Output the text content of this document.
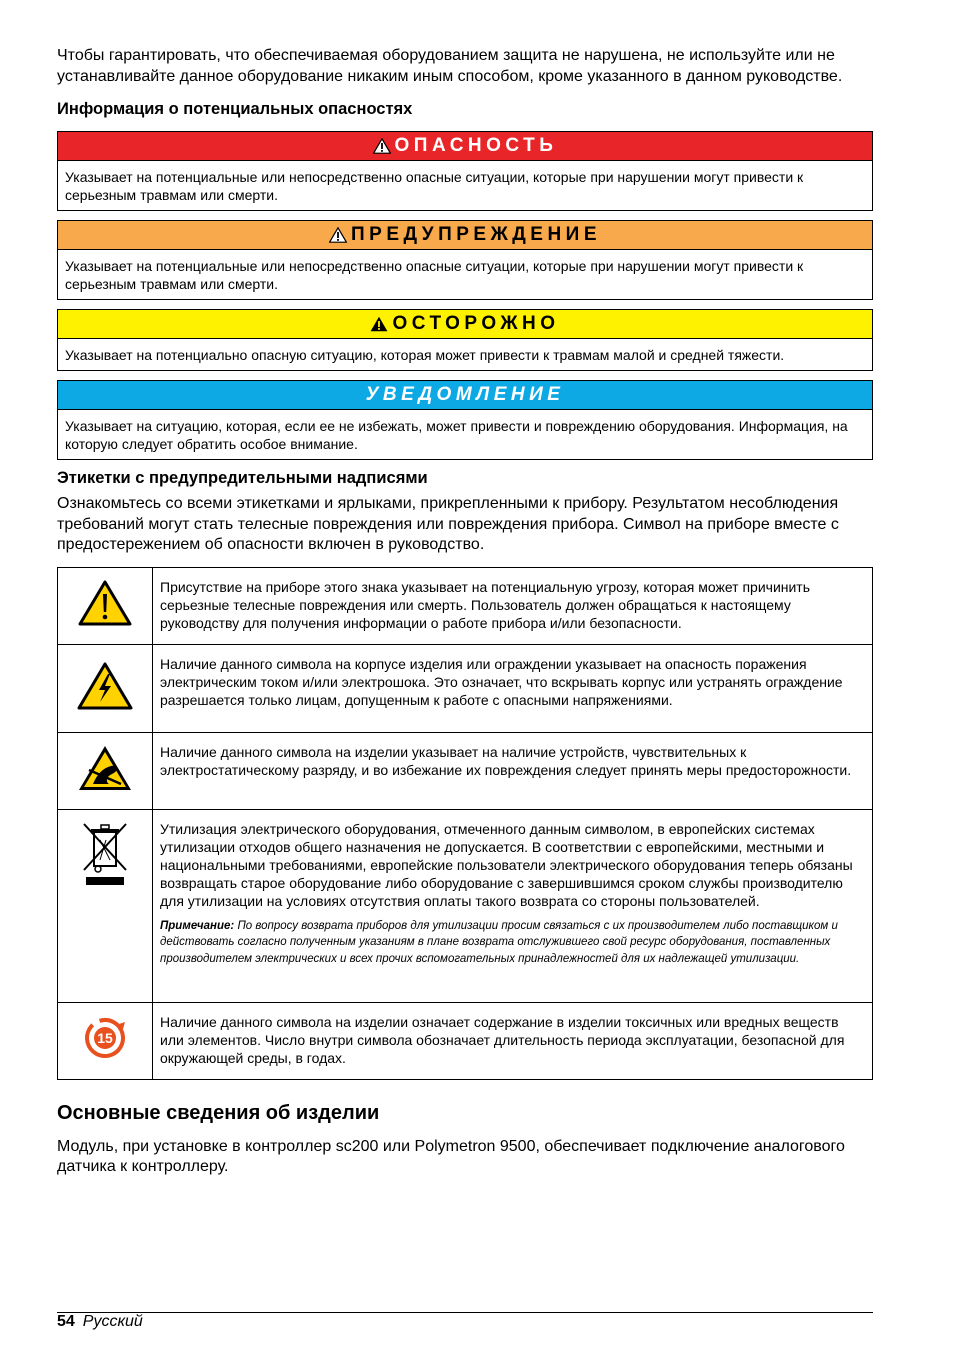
Чтобы гарантировать, что обеспечиваемая оборудованием защита не нарушена, не используйте или не устанавливайте данное оборудование никаким иным способом, кроме указанного в данном руководстве.

Информация о потенциальных опасностях
ОПАСНОСТЬ
Указывает на потенциальные или непосредственно опасные ситуации, которые при нарушении могут привести к серьезным травмам или смерти.
ПРЕДУПРЕЖДЕНИЕ
Указывает на потенциальные или непосредственно опасные ситуации, которые при нарушении могут привести к серьезным травмам или смерти.
ОСТОРОЖНО
Указывает на потенциально опасную ситуацию, которая может привести к травмам малой и средней тяжести.
УВЕДОМЛЕНИЕ
Указывает на ситуацию, которая, если ее не избежать, может привести и повреждению оборудования. Информация, на которую следует обратить особое внимание.
Этикетки с предупредительными надписями

Ознакомьтесь со всеми этикетками и ярлыками, прикрепленными к прибору. Результатом несоблюдения требований могут стать телесные повреждения или повреждения прибора. Символ на приборе вместе с предостережением об опасности включен в руководство.

	Присутствие на приборе этого знака указывает на потенциальную угрозу, которая может причинить серьезные телесные повреждения или смерть. Пользователь должен обращаться к настоящему руководству для получения информации о работе прибора и/или безопасности.
	Наличие данного символа на корпусе изделия или ограждении указывает на опасность поражения электрическим током и/или электрошока. Это означает, что вскрывать корпус или устранять ограждение разрешается только лицам, допущенным к работе с опасными напряжениями.
	Наличие данного символа на изделии указывает на наличие устройств, чувствительных к электростатическому разряду, и во избежание их повреждения следует принять меры предосторожности.

Утилизация электрического оборудования, отмеченного данным символом, в европейских системах утилизации отходов общего назначения не допускается. В соответствии с европейскими, местными и национальными требованиями, европейские пользователи электрического оборудования теперь обязаны возвращать старое оборудование либо оборудование с завершившимся сроком службы производителю для утилизации на условиях отсутствия оплаты такого возврата со стороны пользователей.
Примечание: По вопросу возврата приборов для утилизации просим связаться с их производителем либо поставщиком и действовать согласно полученным указаниям в плане возврата отслужившего свой ресурс оборудования, поставленных производителем электрических и всех прочих вспомогательных принадлежностей для их надлежащей утилизации.

15	Наличие данного символа на изделии означает содержание в изделии токсичных или вредных веществ или элементов. Число внутри символа обозначает длительность периода эксплуатации, безопасной для окружающей среды, в годах.
Основные сведения об изделии

Модуль, при установке в контроллер sc200 или Polymetron 9500, обеспечивает подключение аналогового датчика к контроллеру.

54 Русский
